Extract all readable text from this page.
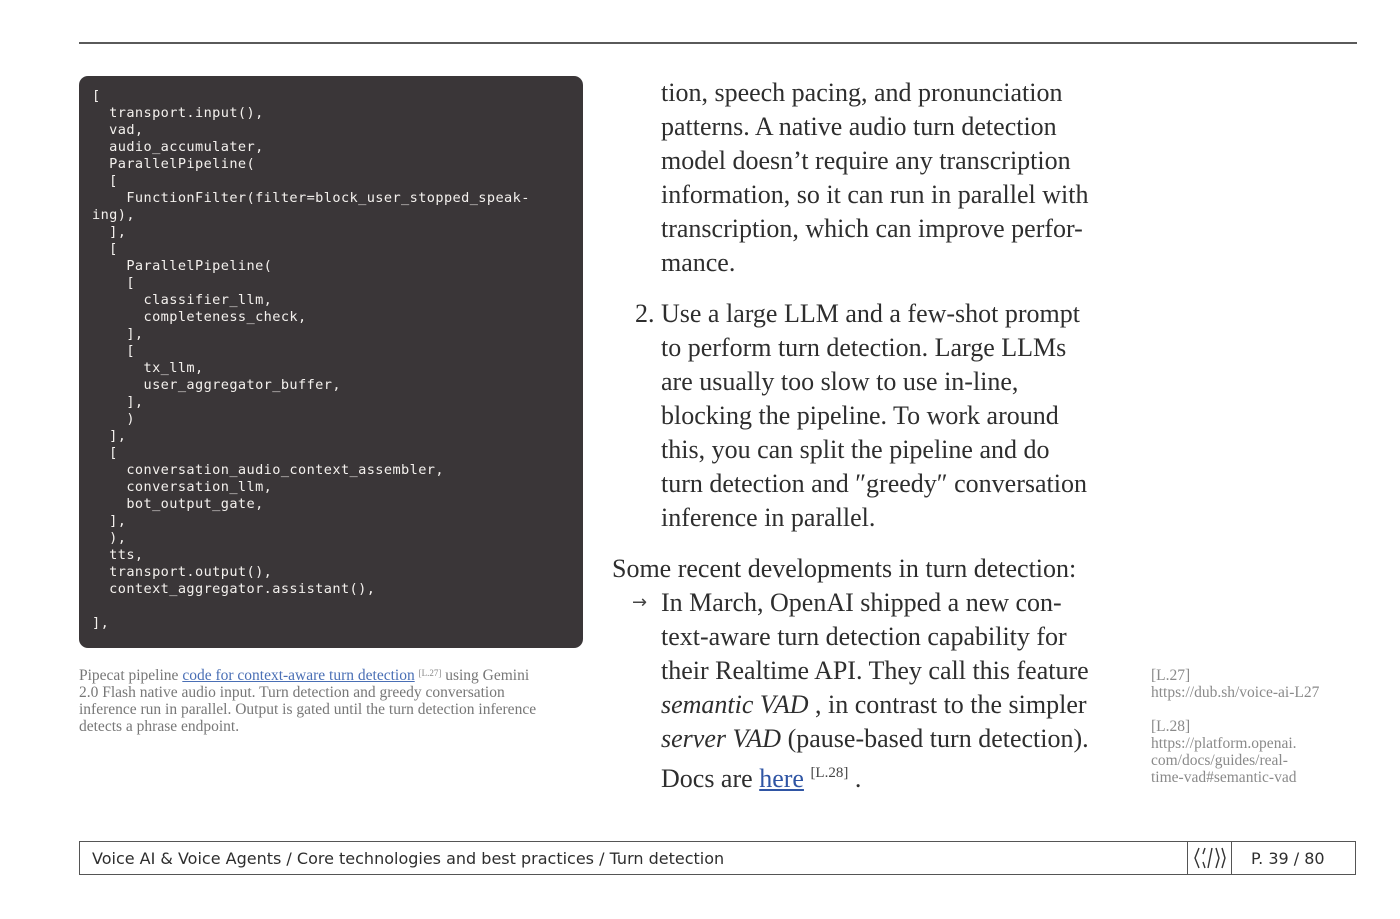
[
transport.input(),
vad,
audio_accumulater,
ParallelPipeline(
[
FunctionFilter(filter=block_user_stopped_speak-
ing),
],
[
ParallelPipeline(
[
classifier_llm,
completeness_check,
],
[
tx_llm,
user_aggregator_buffer,
],
)
],
[
conversation_audio_context_assembler,
conversation_llm,
bot_output_gate,
],
),
tts,
transport.output(),
context_aggregator.assistant(),

],
Pipecat pipeline code for context-aware turn detection [L.27] using Gemini 2.0 Flash native audio input. Turn detection and greedy conversation inference run in parallel. Output is gated until the turn detection inference detects a phrase endpoint.

tion, speech pacing, and pronunciation
patterns. A native audio turn detection
model doesn’t require any transcription
information, so it can run in parallel with
transcription, which can improve perfor-
mance.

2. Use a large LLM and a few-shot prompt
to perform turn detection. Large LLMs
are usually too slow to use in-line,
blocking the pipeline. To work around
this, you can split the pipeline and do
turn detection and ″greedy″ conversation
inference in parallel.

Some recent developments in turn detection:

→ In March, OpenAI shipped a new con-
text-aware turn detection capability for
their Realtime API. They call this feature
semantic VAD , in contrast to the simpler
server VAD (pause-based turn detection).
Docs are here [L.28] .

[L.27]
https://dub.sh/voice-ai-L27
[L.28]
https://platform.openai.
com/docs/guides/real-
time-vad#semantic-vad
Voice AI & Voice Agents / Core technologies and best practices / Turn detection	P. 39 / 80
